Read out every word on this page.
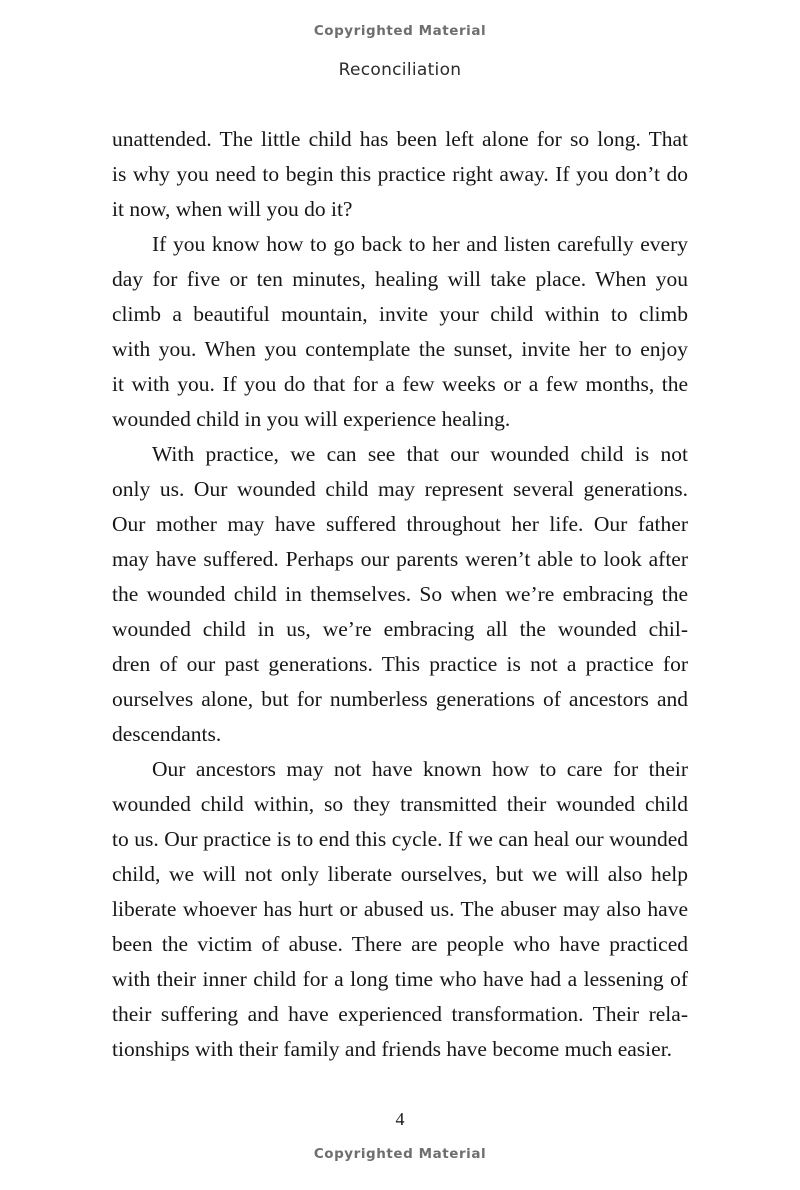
Copyrighted Material
Reconciliation

unattended. The little child has been left alone for so long. That
is why you need to begin this practice right away. If you don’t do
it now, when will you do it?

If you know how to go back to her and listen carefully every
day for five or ten minutes, healing will take place. When you
climb a beautiful mountain, invite your child within to climb
with you. When you contemplate the sunset, invite her to enjoy
it with you. If you do that for a few weeks or a few months, the
wounded child in you will experience healing.

With practice, we can see that our wounded child is not
only us. Our wounded child may represent several generations.
Our mother may have suffered throughout her life. Our father
may have suffered. Perhaps our parents weren’t able to look after
the wounded child in themselves. So when we’re embracing the
wounded child in us, we’re embracing all the wounded chil-
dren of our past generations. This practice is not a practice for
ourselves alone, but for numberless generations of ancestors and
descendants.

Our ancestors may not have known how to care for their
wounded child within, so they transmitted their wounded child
to us. Our practice is to end this cycle. If we can heal our wounded
child, we will not only liberate ourselves, but we will also help
liberate whoever has hurt or abused us. The abuser may also have
been the victim of abuse. There are people who have practiced
with their inner child for a long time who have had a lessening of
their suffering and have experienced transformation. Their rela-
tionships with their family and friends have become much easier.

4
Copyrighted Material
